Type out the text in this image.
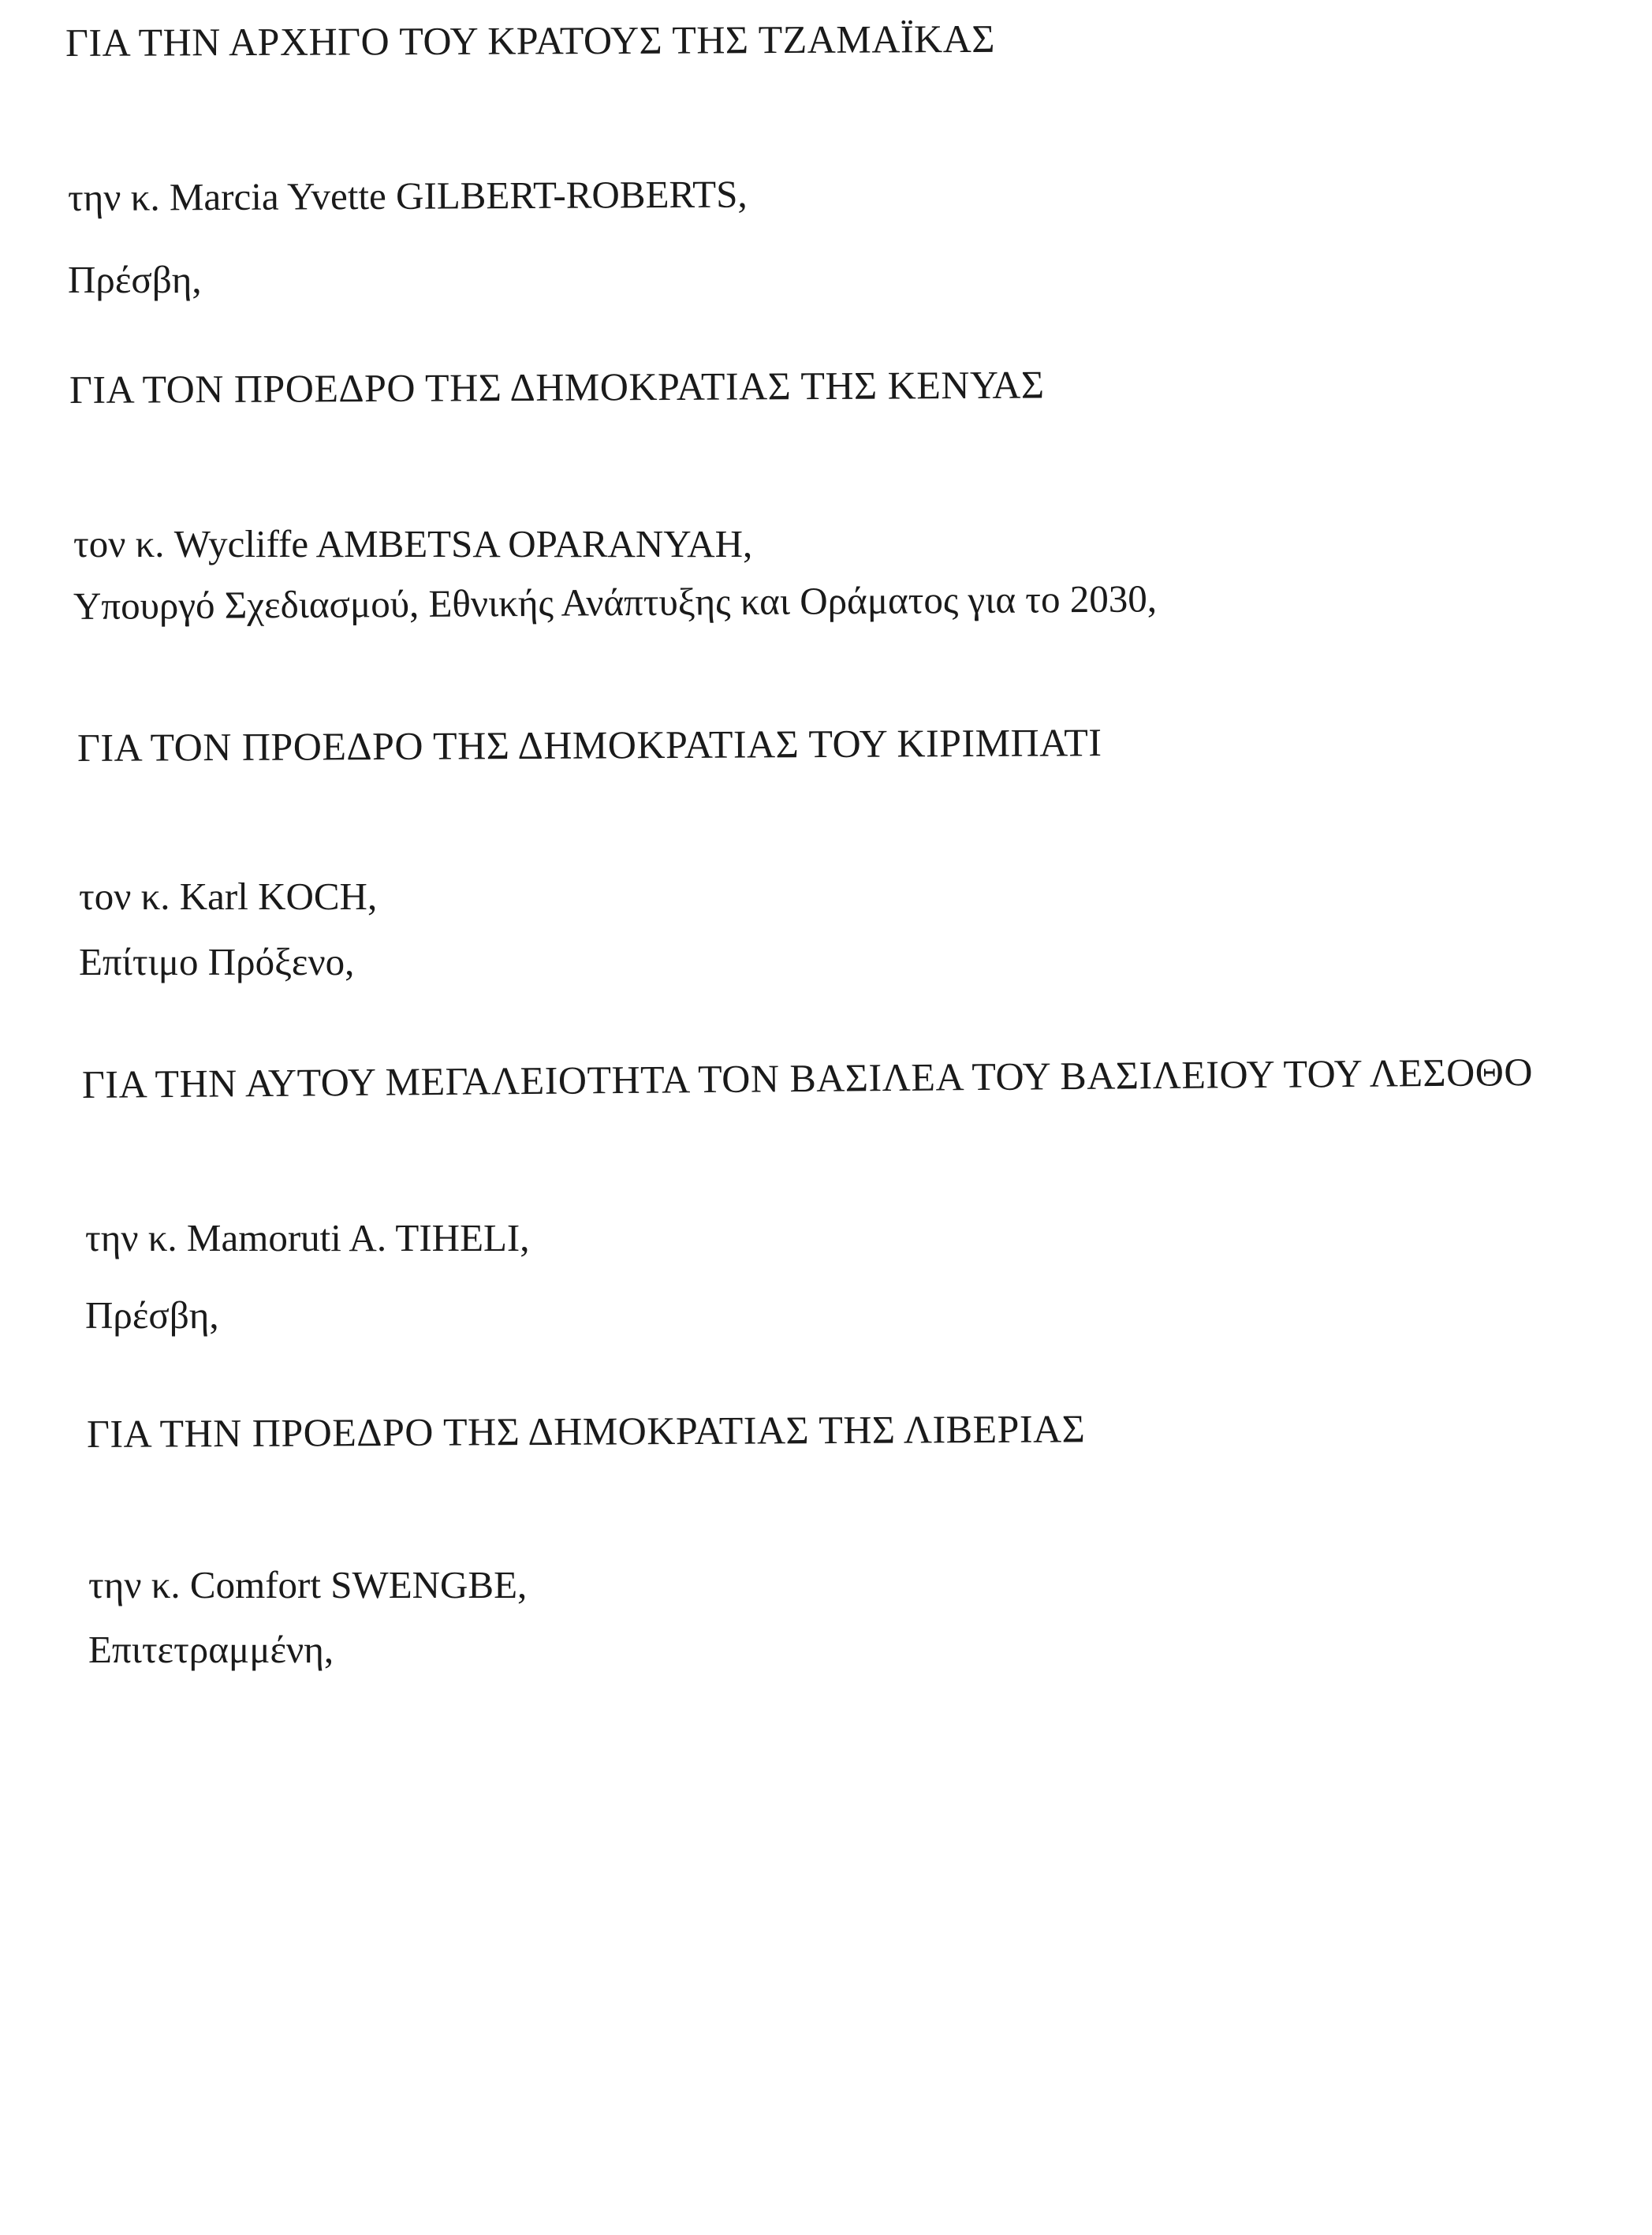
ΓΙΑ ΤΗΝ ΑΡΧΗΓΟ ΤΟΥ ΚΡΑΤΟΥΣ ΤΗΣ ΤΖΑΜΑΪΚΑΣ
την κ. Marcia Yvette GILBERT-ROBERTS,
Πρέσβη,
ΓΙΑ ΤΟΝ ΠΡΟΕΔΡΟ ΤΗΣ ΔΗΜΟΚΡΑΤΙΑΣ ΤΗΣ ΚΕΝΥΑΣ
τον κ. Wycliffe AMBETSA OPARANYAH,
Υπουργό Σχεδιασμού, Εθνικής Ανάπτυξης και Οράματος για το 2030,
ΓΙΑ ΤΟΝ ΠΡΟΕΔΡΟ ΤΗΣ ΔΗΜΟΚΡΑΤΙΑΣ ΤΟΥ ΚΙΡΙΜΠΑΤΙ
τον κ. Karl KOCH,
Επίτιμο Πρόξενο,
ΓΙΑ ΤΗΝ ΑΥΤΟΥ ΜΕΓΑΛΕΙΟΤΗΤΑ ΤΟΝ ΒΑΣΙΛΕΑ ΤΟΥ ΒΑΣΙΛΕΙΟΥ ΤΟΥ ΛΕΣΟΘΟ
την κ. Mamoruti A. TIHELI,
Πρέσβη,
ΓΙΑ ΤΗΝ ΠΡΟΕΔΡΟ ΤΗΣ ΔΗΜΟΚΡΑΤΙΑΣ ΤΗΣ ΛΙΒΕΡΙΑΣ
την κ. Comfort SWENGBE,
Επιτετραμμένη,
